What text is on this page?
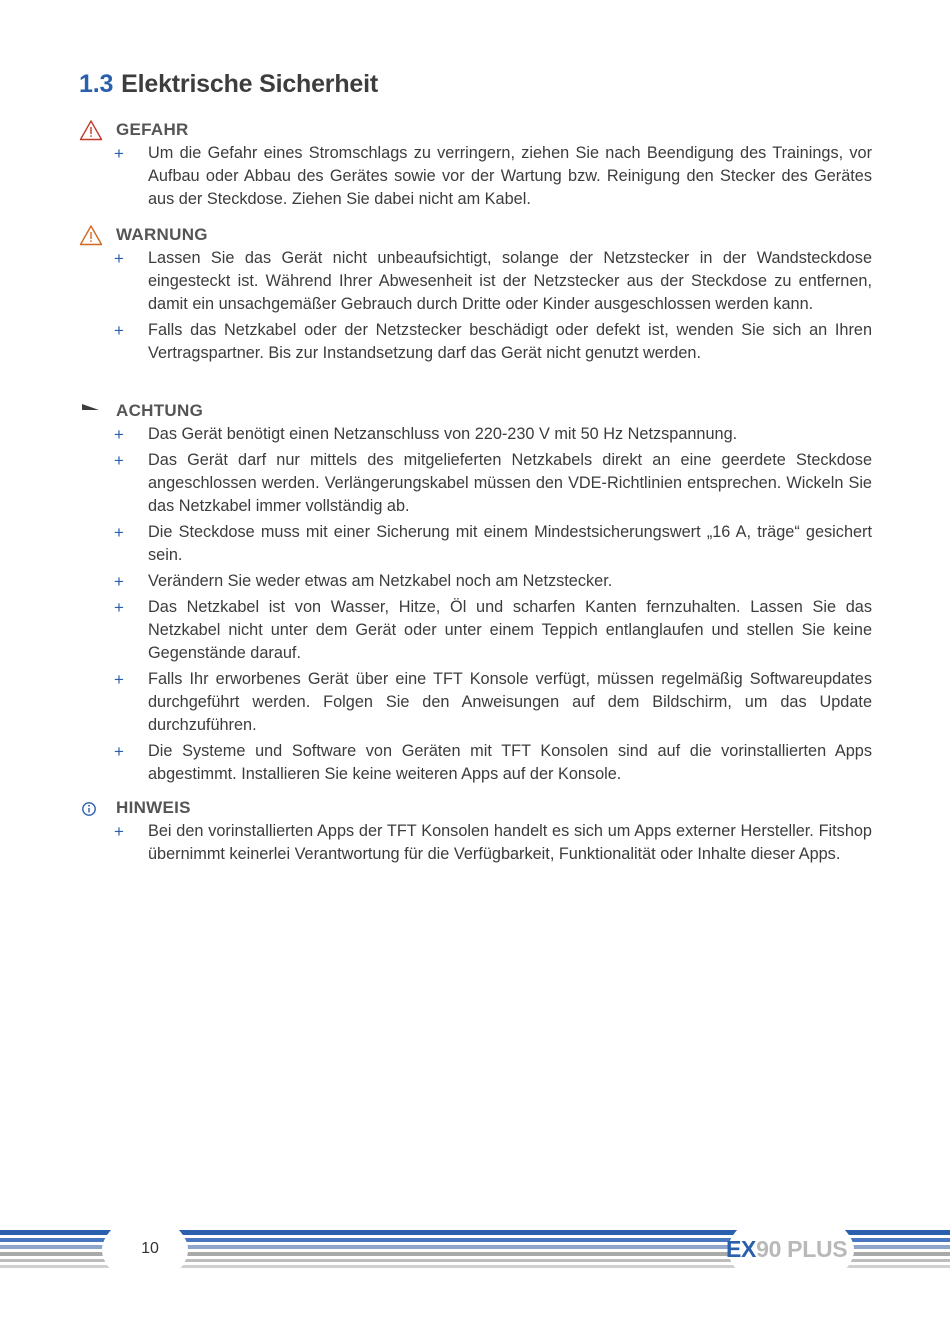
1.3 Elektrische Sicherheit
GEFAHR
+ Um die Gefahr eines Stromschlags zu verringern, ziehen Sie nach Beendigung des Trainings, vor Aufbau oder Abbau des Gerätes sowie vor der Wartung bzw. Reinigung den Stecker des Gerätes aus der Steckdose. Ziehen Sie dabei nicht am Kabel.
WARNUNG
+ Lassen Sie das Gerät nicht unbeaufsichtigt, solange der Netzstecker in der Wandsteckdose eingesteckt ist. Während Ihrer Abwesenheit ist der Netzstecker aus der Steckdose zu entfernen, damit ein unsachgemäßer Gebrauch durch Dritte oder Kinder ausgeschlossen werden kann.
+ Falls das Netzkabel oder der Netzstecker beschädigt oder defekt ist, wenden Sie sich an Ihren Vertragspartner. Bis zur Instandsetzung darf das Gerät nicht genutzt werden.
ACHTUNG
+ Das Gerät benötigt einen Netzanschluss von 220-230 V mit 50 Hz Netzspannung.
+ Das Gerät darf nur mittels des mitgelieferten Netzkabels direkt an eine geerdete Steckdose angeschlossen werden. Verlängerungskabel müssen den VDE-Richtlinien entsprechen. Wickeln Sie das Netzkabel immer vollständig ab.
+ Die Steckdose muss mit einer Sicherung mit einem Mindestsicherungswert „16 A, träge“ gesichert sein.
+ Verändern Sie weder etwas am Netzkabel noch am Netzstecker.
+ Das Netzkabel ist von Wasser, Hitze, Öl und scharfen Kanten fernzuhalten. Lassen Sie das Netzkabel nicht unter dem Gerät oder unter einem Teppich entlanglaufen und stellen Sie keine Gegenstände darauf.
+ Falls Ihr erworbenes Gerät über eine TFT Konsole verfügt, müssen regelmäßig Softwareupdates durchgeführt werden. Folgen Sie den Anweisungen auf dem Bildschirm, um das Update durchzuführen.
+ Die Systeme und Software von Geräten mit TFT Konsolen sind auf die vorinstallierten Apps abgestimmt. Installieren Sie keine weiteren Apps auf der Konsole.
HINWEIS
+ Bei den vorinstallierten Apps der TFT Konsolen handelt es sich um Apps externer Hersteller. Fitshop übernimmt keinerlei Verantwortung für die Verfügbarkeit, Funktionalität oder Inhalte dieser Apps.
10	EX90 PLUS
